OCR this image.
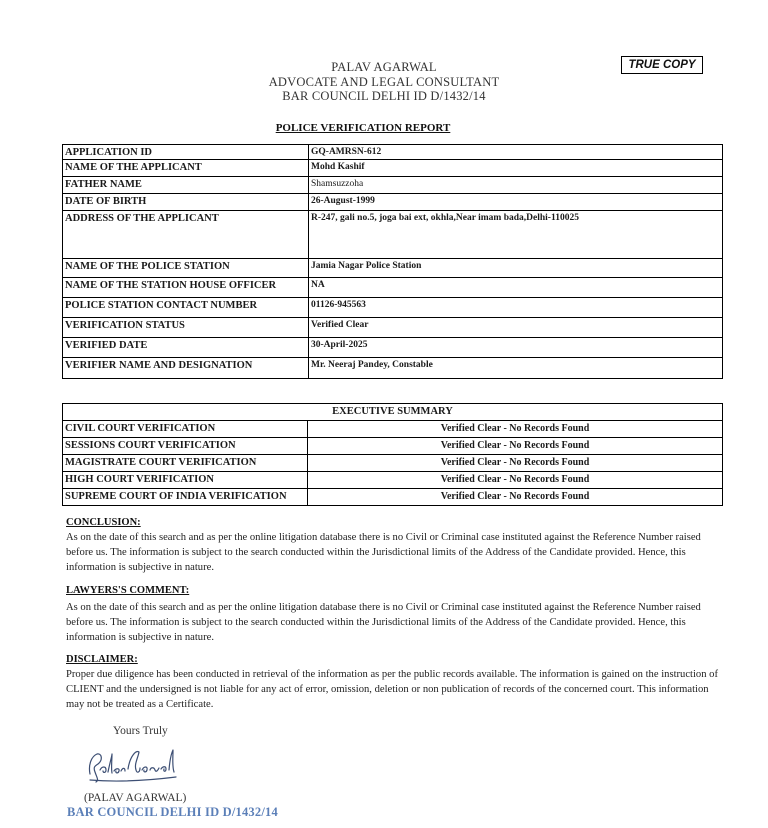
PALAV AGARWAL
ADVOCATE AND LEGAL CONSULTANT
BAR COUNCIL DELHI ID D/1432/14
TRUE COPY
POLICE VERIFICATION REPORT
APPLICATION ID	GQ-AMRSN-612
NAME OF THE APPLICANT	Mohd Kashif
FATHER NAME	Shamsuzzoha
DATE OF BIRTH	26-August-1999
ADDRESS OF THE APPLICANT	R-247, gali no.5, joga bai ext, okhla,Near imam bada,Delhi-110025
NAME OF THE POLICE STATION	Jamia Nagar Police Station
NAME OF THE STATION HOUSE OFFICER	NA
POLICE STATION CONTACT NUMBER	01126-945563
VERIFICATION STATUS	Verified Clear
VERIFIED DATE	30-April-2025
VERIFIER NAME AND DESIGNATION	Mr. Neeraj Pandey, Constable
EXECUTIVE SUMMARY	
CIVIL COURT VERIFICATION	Verified Clear - No Records Found
SESSIONS COURT VERIFICATION	Verified Clear - No Records Found
MAGISTRATE COURT VERIFICATION	Verified Clear - No Records Found
HIGH COURT VERIFICATION	Verified Clear - No Records Found
SUPREME COURT OF INDIA VERIFICATION	Verified Clear - No Records Found
CONCLUSION:
As on the date of this search and as per the online litigation database there is no Civil or Criminal case instituted against the Reference Number raised before us. The information is subject to the search conducted within the Jurisdictional limits of the Address of the Candidate provided. Hence, this information is subjective in nature.
LAWYERS'S COMMENT:
As on the date of this search and as per the online litigation database there is no Civil or Criminal case instituted against the Reference Number raised before us. The information is subject to the search conducted within the Jurisdictional limits of the Address of the Candidate provided. Hence, this information is subjective in nature.
DISCLAIMER:
Proper due diligence has been conducted in retrieval of the information as per the public records available. The information is gained on the instruction of CLIENT and the undersigned is not liable for any act of error, omission, deletion or non publication of records of the concerned court. This information may not be treated as a Certificate.
Yours Truly
(PALAV AGARWAL)
BAR COUNCIL DELHI ID D/1432/14
